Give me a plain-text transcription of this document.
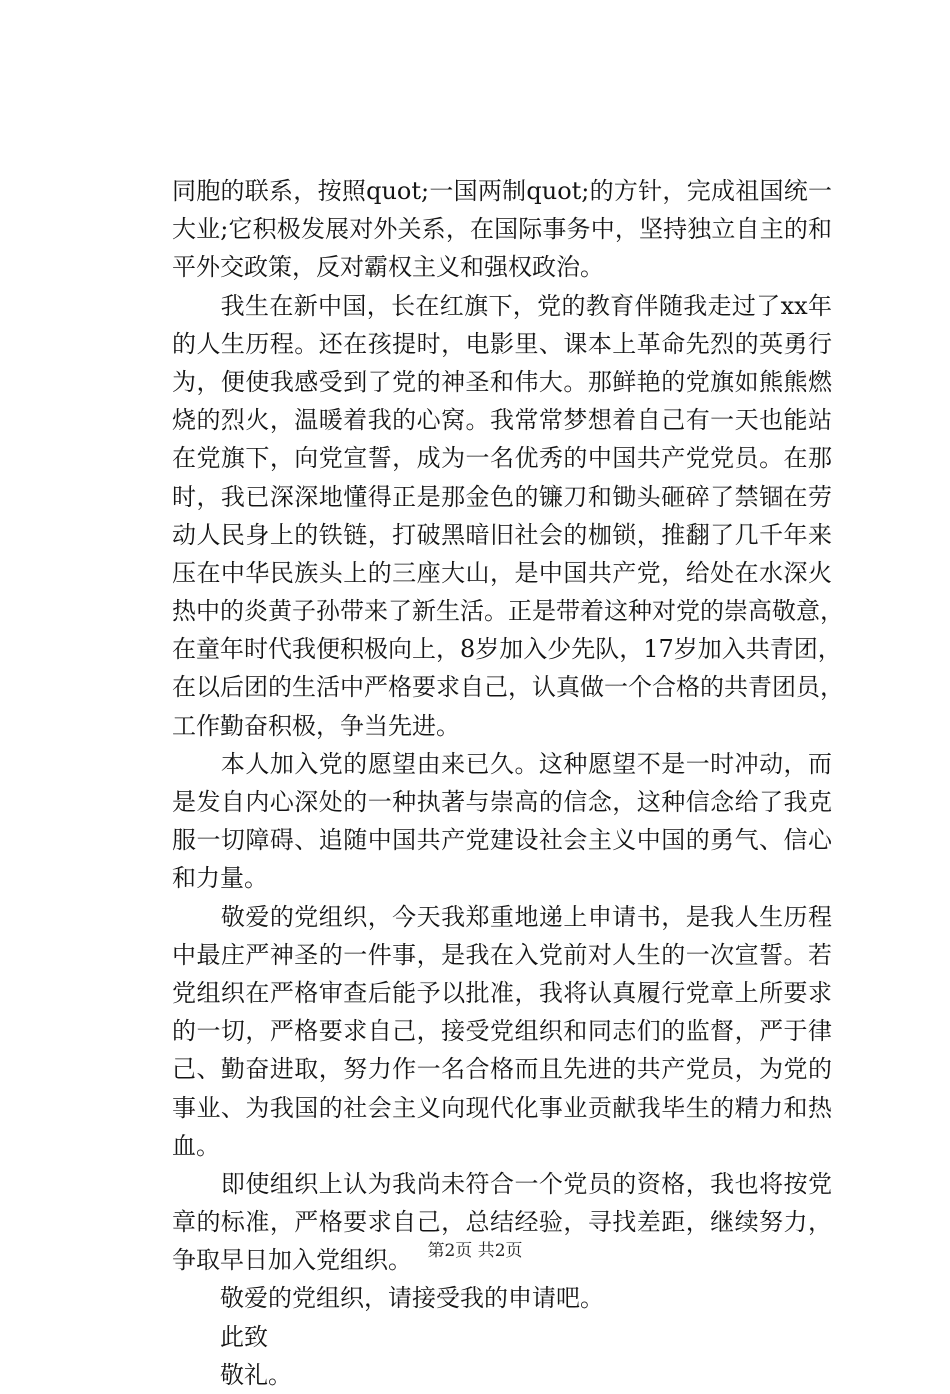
同胞的联系，按照quot;一国两制quot;的方针，完成祖国统一
大业;它积极发展对外关系，在国际事务中，坚持独立自主的和
平外交政策，反对霸权主义和强权政治。
　　我生在新中国，长在红旗下，党的教育伴随我走过了xx年
的人生历程。还在孩提时，电影里、课本上革命先烈的英勇行
为，便使我感受到了党的神圣和伟大。那鲜艳的党旗如熊熊燃
烧的烈火，温暖着我的心窝。我常常梦想着自己有一天也能站
在党旗下，向党宣誓，成为一名优秀的中国共产党党员。在那
时，我已深深地懂得正是那金色的镰刀和锄头砸碎了禁锢在劳
动人民身上的铁链，打破黑暗旧社会的枷锁，推翻了几千年来
压在中华民族头上的三座大山，是中国共产党，给处在水深火
热中的炎黄子孙带来了新生活。正是带着这种对党的崇高敬意，
在童年时代我便积极向上，8岁加入少先队，17岁加入共青团，
在以后团的生活中严格要求自己，认真做一个合格的共青团员，
工作勤奋积极，争当先进。
　　本人加入党的愿望由来已久。这种愿望不是一时冲动，而
是发自内心深处的一种执著与崇高的信念，这种信念给了我克
服一切障碍、追随中国共产党建设社会主义中国的勇气、信心
和力量。
　　敬爱的党组织，今天我郑重地递上申请书，是我人生历程
中最庄严神圣的一件事，是我在入党前对人生的一次宣誓。若
党组织在严格审查后能予以批准，我将认真履行党章上所要求
的一切，严格要求自己，接受党组织和同志们的监督，严于律
己、勤奋进取，努力作一名合格而且先进的共产党员，为党的
事业、为我国的社会主义向现代化事业贡献我毕生的精力和热
血。
　　即使组织上认为我尚未符合一个党员的资格，我也将按党
章的标准，严格要求自己，总结经验，寻找差距，继续努力，
争取早日加入党组织。
　　敬爱的党组织，请接受我的申请吧。
　　此致
　　敬礼。
第2页 共2页
